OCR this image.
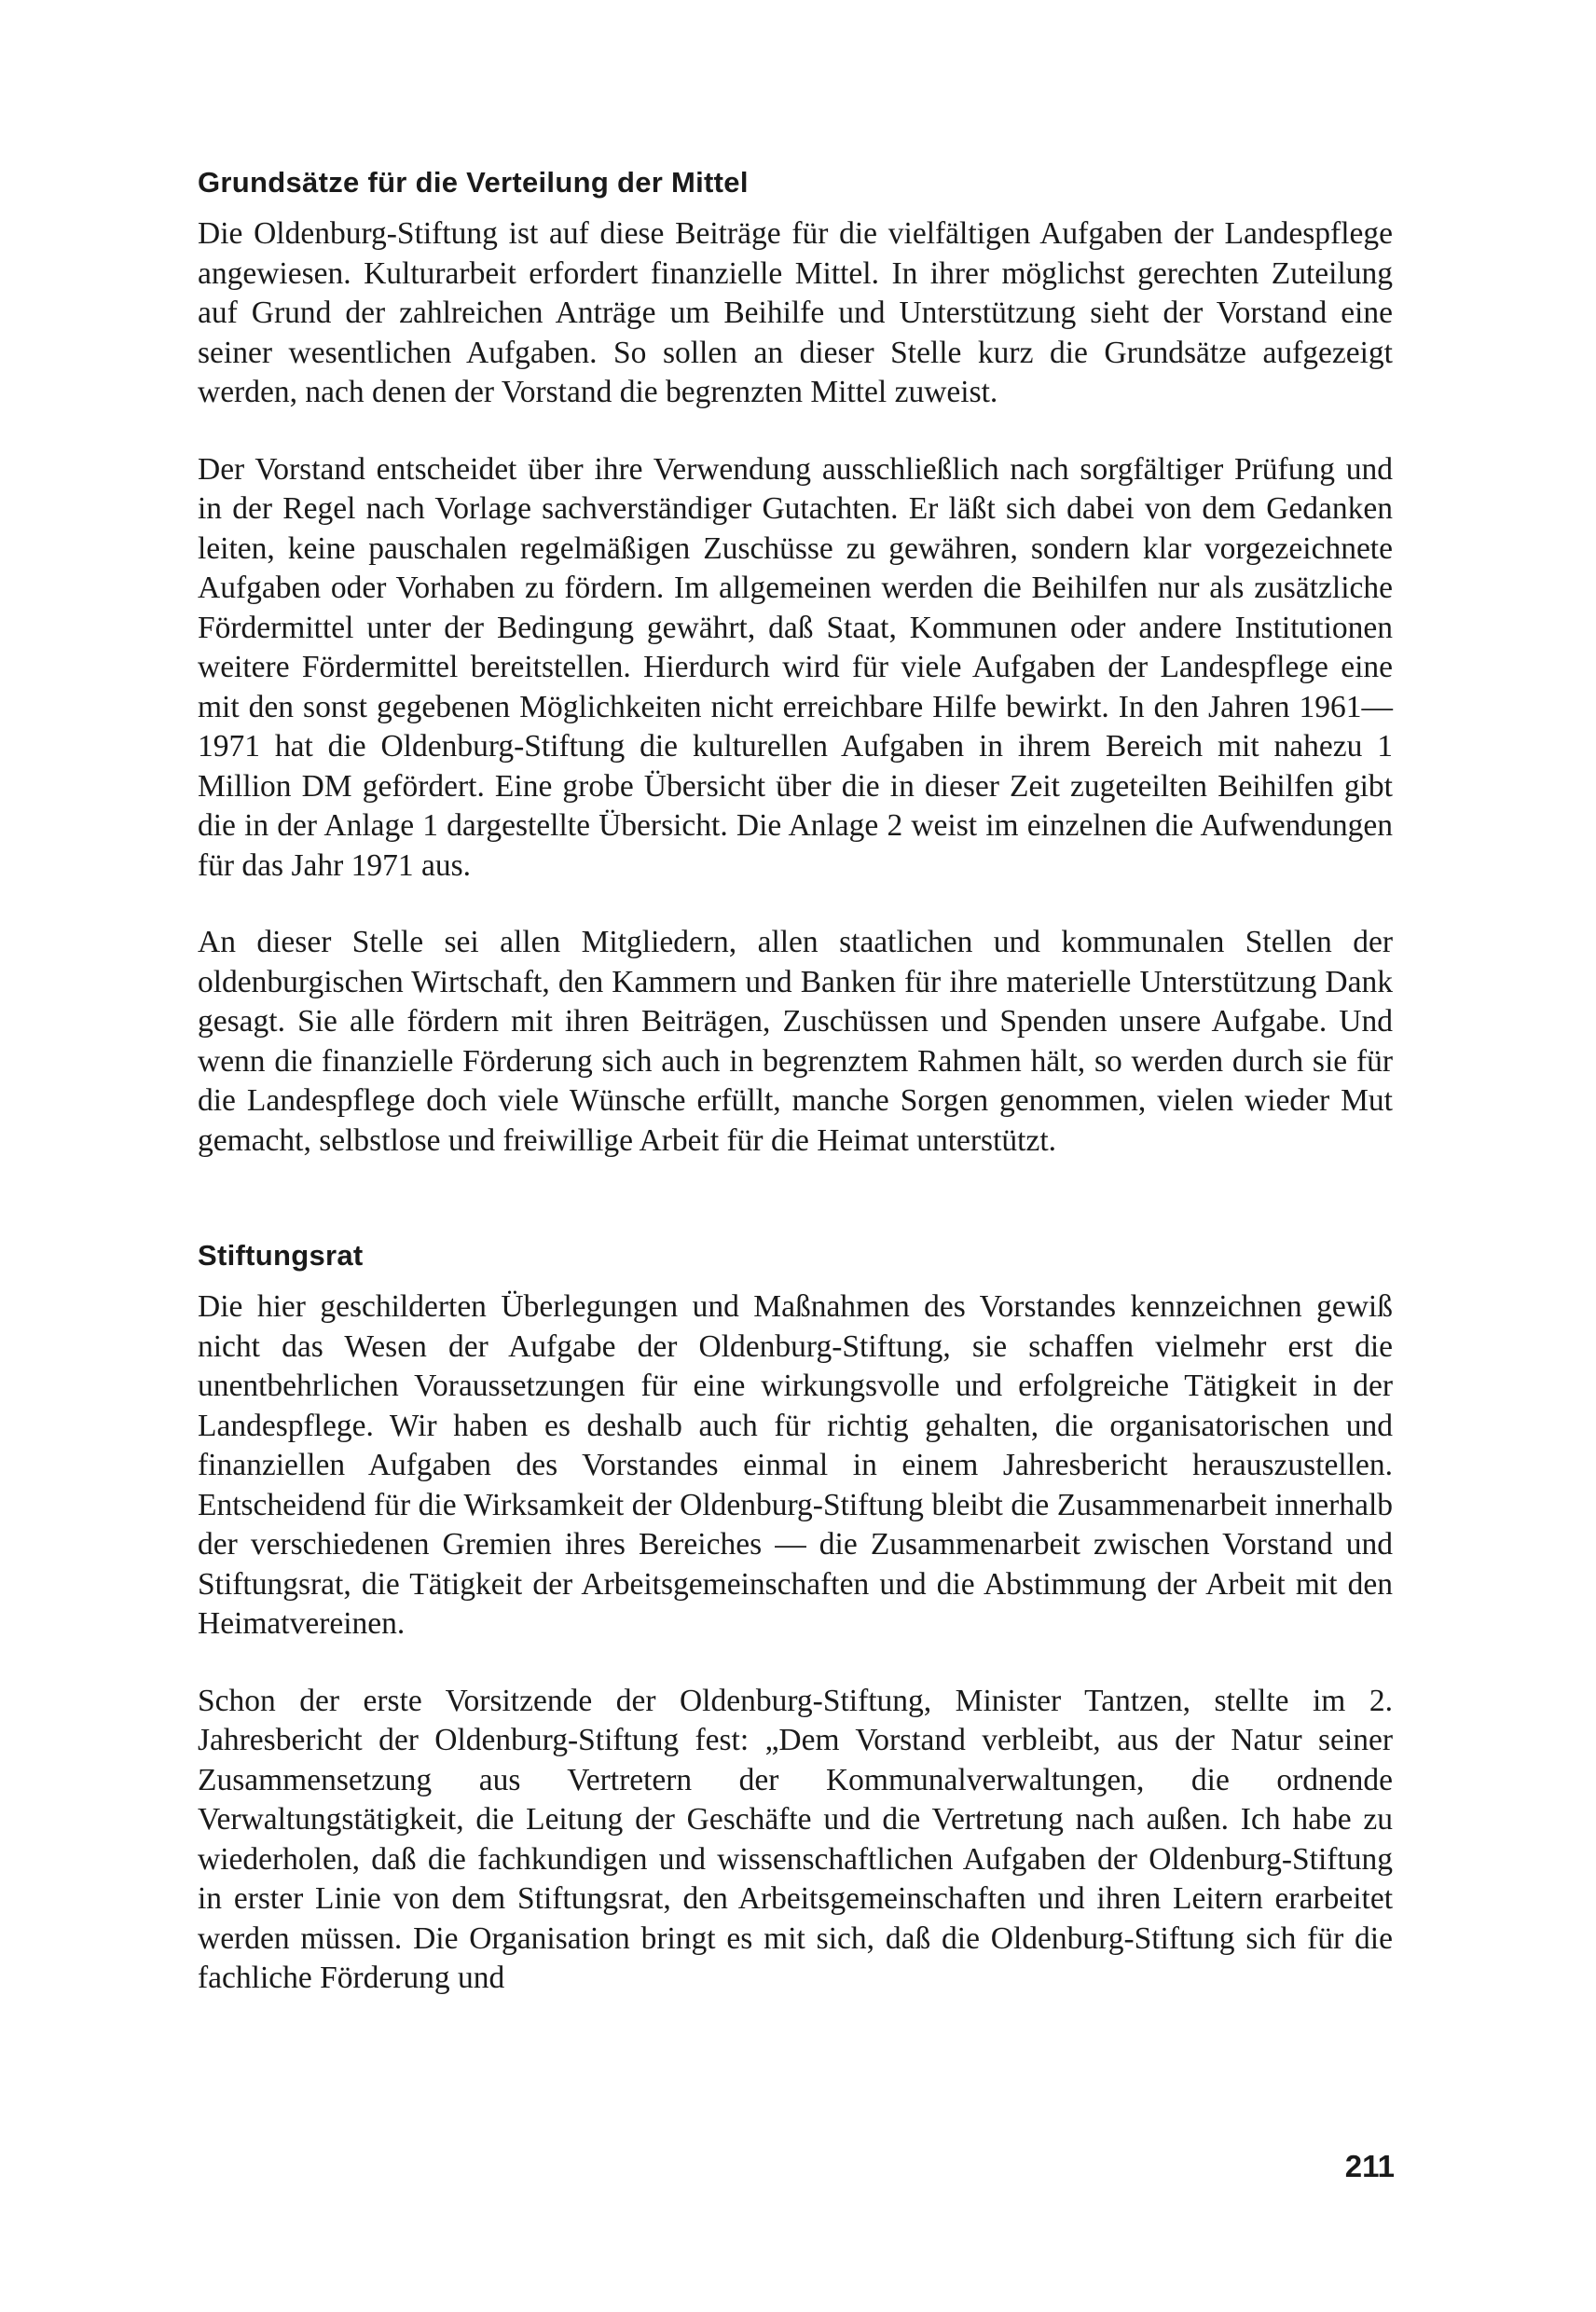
Grundsätze für die Verteilung der Mittel

Die Oldenburg-Stiftung ist auf diese Beiträge für die vielfältigen Aufgaben der Landespflege angewiesen. Kulturarbeit erfordert finanzielle Mittel. In ihrer möglichst gerechten Zuteilung auf Grund der zahlreichen Anträge um Beihilfe und Unterstützung sieht der Vorstand eine seiner wesentlichen Aufgaben. So sollen an dieser Stelle kurz die Grundsätze aufgezeigt werden, nach denen der Vorstand die begrenzten Mittel zuweist.

Der Vorstand entscheidet über ihre Verwendung ausschließlich nach sorgfältiger Prüfung und in der Regel nach Vorlage sachverständiger Gutachten. Er läßt sich dabei von dem Gedanken leiten, keine pauschalen regelmäßigen Zuschüsse zu gewähren, sondern klar vorgezeichnete Aufgaben oder Vorhaben zu fördern. Im allgemeinen werden die Beihilfen nur als zusätzliche Fördermittel unter der Bedingung gewährt, daß Staat, Kommunen oder andere Institutionen weitere Fördermittel bereitstellen. Hierdurch wird für viele Aufgaben der Landespflege eine mit den sonst gegebenen Möglichkeiten nicht erreichbare Hilfe bewirkt. In den Jahren 1961—1971 hat die Oldenburg-Stiftung die kulturellen Aufgaben in ihrem Bereich mit nahezu 1 Million DM gefördert. Eine grobe Übersicht über die in dieser Zeit zugeteilten Beihilfen gibt die in der Anlage 1 dargestellte Übersicht. Die Anlage 2 weist im einzelnen die Aufwendungen für das Jahr 1971 aus.

An dieser Stelle sei allen Mitgliedern, allen staatlichen und kommunalen Stellen der oldenburgischen Wirtschaft, den Kammern und Banken für ihre materielle Unterstützung Dank gesagt. Sie alle fördern mit ihren Beiträgen, Zuschüssen und Spenden unsere Aufgabe. Und wenn die finanzielle Förderung sich auch in begrenztem Rahmen hält, so werden durch sie für die Landespflege doch viele Wünsche erfüllt, manche Sorgen genommen, vielen wieder Mut gemacht, selbstlose und freiwillige Arbeit für die Heimat unterstützt.

Stiftungsrat

Die hier geschilderten Überlegungen und Maßnahmen des Vorstandes kennzeichnen gewiß nicht das Wesen der Aufgabe der Oldenburg-Stiftung, sie schaffen vielmehr erst die unentbehrlichen Voraussetzungen für eine wirkungsvolle und erfolgreiche Tätigkeit in der Landespflege. Wir haben es deshalb auch für richtig gehalten, die organisatorischen und finanziellen Aufgaben des Vorstandes einmal in einem Jahresbericht herauszustellen. Entscheidend für die Wirksamkeit der Oldenburg-Stiftung bleibt die Zusammenarbeit innerhalb der verschiedenen Gremien ihres Bereiches — die Zusammenarbeit zwischen Vorstand und Stiftungsrat, die Tätigkeit der Arbeitsgemeinschaften und die Abstimmung der Arbeit mit den Heimatvereinen.

Schon der erste Vorsitzende der Oldenburg-Stiftung, Minister Tantzen, stellte im 2. Jahresbericht der Oldenburg-Stiftung fest: „Dem Vorstand verbleibt, aus der Natur seiner Zusammensetzung aus Vertretern der Kommunalverwaltungen, die ordnende Verwaltungstätigkeit, die Leitung der Geschäfte und die Vertretung nach außen. Ich habe zu wiederholen, daß die fachkundigen und wissenschaftlichen Aufgaben der Oldenburg-Stiftung in erster Linie von dem Stiftungsrat, den Arbeitsgemeinschaften und ihren Leitern erarbeitet werden müssen. Die Organisation bringt es mit sich, daß die Oldenburg-Stiftung sich für die fachliche Förderung und

211
